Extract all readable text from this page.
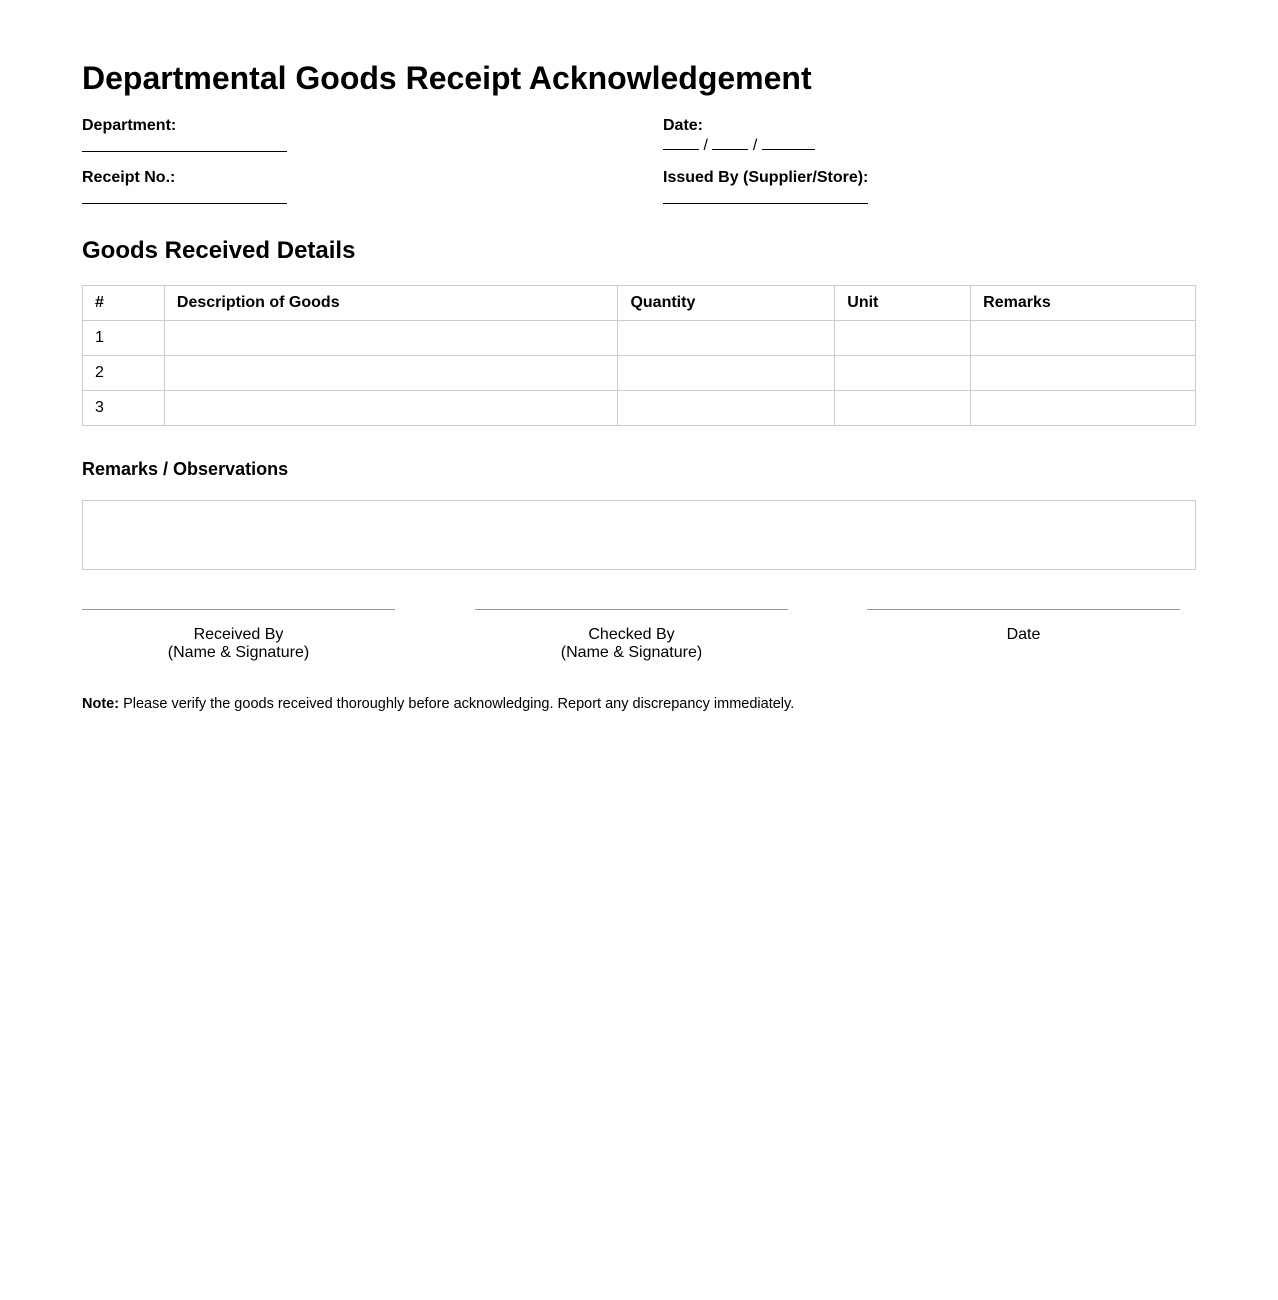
Departmental Goods Receipt Acknowledgement
Department:	Date:
/	/
Receipt No.:	Issued By (Supplier/Store):
Goods Received Details
#	Description of Goods	Quantity	Unit	Remarks
1				
2				
3				
Remarks / Observations
Received By
(Name & Signature)
Checked By
(Name & Signature)
Date
Note: Please verify the goods received thoroughly before acknowledging. Report any discrepancy immediately.
